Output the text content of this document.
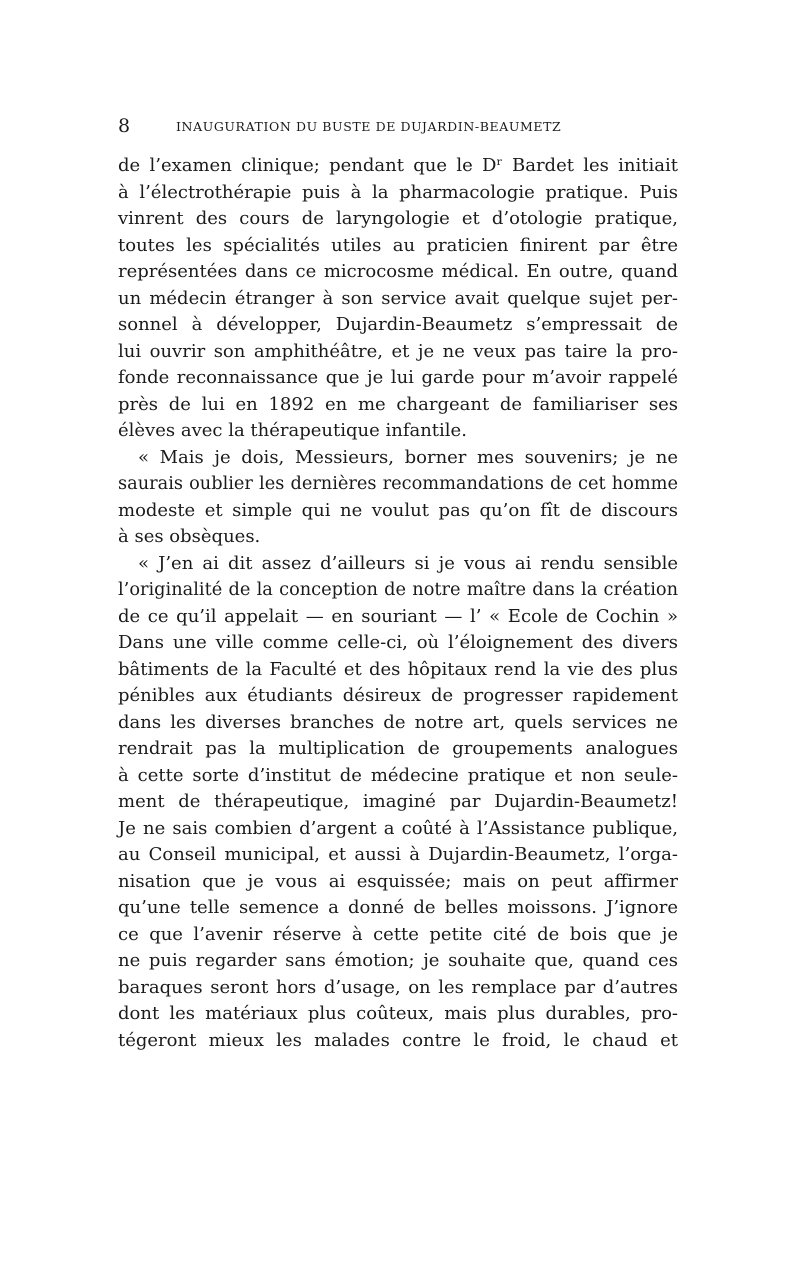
8	INAUGURATION DU BUSTE DE DUJARDIN-BEAUMETZ
de l’examen clinique; pendant que le Dʳ Bardet les initiait
à l’électrothérapie puis à la pharmacologie pratique. Puis
vinrent des cours de laryngologie et d’otologie pratique,
toutes les spécialités utiles au praticien finirent par être
représentées dans ce microcosme médical. En outre, quand
un médecin étranger à son service avait quelque sujet per-
sonnel à développer, Dujardin-Beaumetz s’empressait de
lui ouvrir son amphithéâtre, et je ne veux pas taire la pro-
fonde reconnaissance que je lui garde pour m’avoir rappelé
près de lui en 1892 en me chargeant de familiariser ses
élèves avec la thérapeutique infantile.
« Mais je dois, Messieurs, borner mes souvenirs; je ne
saurais oublier les dernières recommandations de cet homme
modeste et simple qui ne voulut pas qu’on fît de discours
à ses obsèques.
« J’en ai dit assez d’ailleurs si je vous ai rendu sensible
l’originalité de la conception de notre maître dans la création
de ce qu’il appelait — en souriant — l’ « Ecole de Cochin »
Dans une ville comme celle-ci, où l’éloignement des divers
bâtiments de la Faculté et des hôpitaux rend la vie des plus
pénibles aux étudiants désireux de progresser rapidement
dans les diverses branches de notre art, quels services ne
rendrait pas la multiplication de groupements analogues
à cette sorte d’institut de médecine pratique et non seule-
ment de thérapeutique, imaginé par Dujardin-Beaumetz!
Je ne sais combien d’argent a coûté à l’Assistance publique,
au Conseil municipal, et aussi à Dujardin-Beaumetz, l’orga-
nisation que je vous ai esquissée; mais on peut affirmer
qu’une telle semence a donné de belles moissons. J’ignore
ce que l’avenir réserve à cette petite cité de bois que je
ne puis regarder sans émotion; je souhaite que, quand ces
baraques seront hors d’usage, on les remplace par d’autres
dont les matériaux plus coûteux, mais plus durables, pro-
tégeront mieux les malades contre le froid, le chaud et
